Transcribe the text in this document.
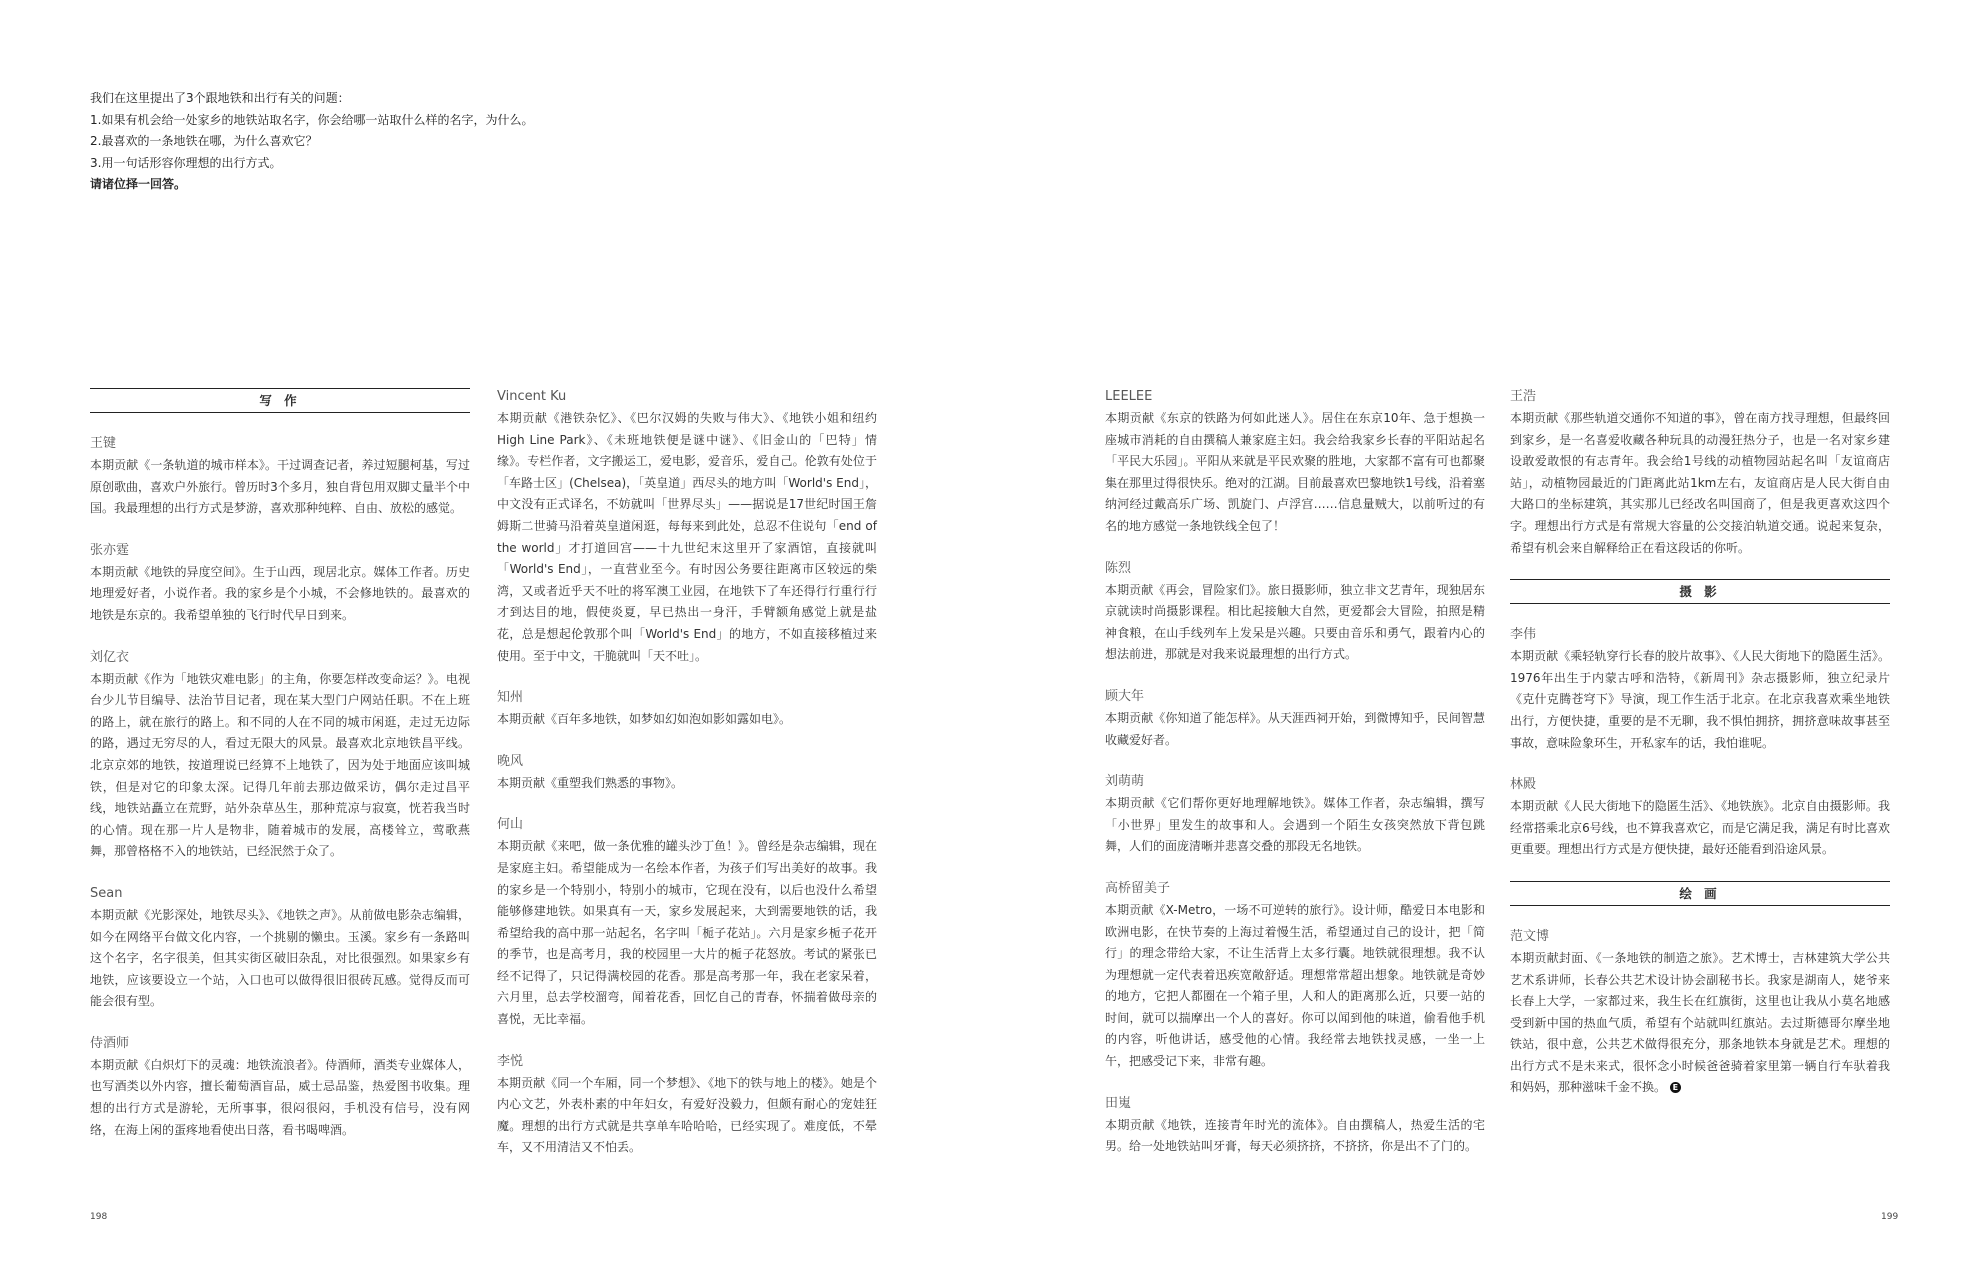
我们在这里提出了3个跟地铁和出行有关的问题：
1.如果有机会给一处家乡的地铁站取名字，你会给哪一站取什么样的名字，为什么。
2.最喜欢的一条地铁在哪，为什么喜欢它？
3.用一句话形容你理想的出行方式。
请诸位择一回答。
写 作
王键
本期贡献《一条轨道的城市样本》。干过调查记者，养过短腿柯基，写过原创歌曲，喜欢户外旅行。曾历时3个多月，独自背包用双脚丈量半个中国。我最理想的出行方式是梦游，喜欢那种纯粹、自由、放松的感觉。
张亦霆
本期贡献《地铁的异度空间》。生于山西，现居北京。媒体工作者。历史地理爱好者，小说作者。我的家乡是个小城，不会修地铁的。最喜欢的地铁是东京的。我希望单独的飞行时代早日到来。
刘亿衣
本期贡献《作为「地铁灾难电影」的主角，你要怎样改变命运？》。电视台少儿节目编导、法治节目记者，现在某大型门户网站任职。不在上班的路上，就在旅行的路上。和不同的人在不同的城市闲逛，走过无边际的路，遇过无穷尽的人，看过无限大的风景。最喜欢北京地铁昌平线。北京京郊的地铁，按道理说已经算不上地铁了，因为处于地面应该叫城铁，但是对它的印象太深。记得几年前去那边做采访，偶尔走过昌平线，地铁站矗立在荒野，站外杂草丛生，那种荒凉与寂寞，恍若我当时的心情。现在那一片人是物非，随着城市的发展，高楼耸立，莺歌燕舞，那曾格格不入的地铁站，已经泯然于众了。
Sean
本期贡献《光影深处，地铁尽头》、《地铁之声》。从前做电影杂志编辑，如今在网络平台做文化内容，一个挑剔的懒虫。玉溪。家乡有一条路叫这个名字，名字很美，但其实街区破旧杂乱，对比很强烈。如果家乡有地铁，应该要设立一个站，入口也可以做得很旧很砖瓦感。觉得反而可能会很有型。
侍酒师
本期贡献《白炽灯下的灵魂：地铁流浪者》。侍酒师，酒类专业媒体人，也写酒类以外内容，擅长葡萄酒盲品，威士忌品鉴，热爱图书收集。理想的出行方式是游轮，无所事事，很闷很闷，手机没有信号，没有网络，在海上闲的蛋疼地看使出日落，看书喝啤酒。
Vincent Ku
本期贡献《港铁杂忆》、《巴尔汉姆的失败与伟大》、《地铁小姐和纽约High Line Park》、《未班地铁便是谜中谜》、《旧金山的「巴特」情缘》。专栏作者，文字搬运工，爱电影，爱音乐，爱自己。伦敦有处位于「车路士区」(Chelsea)，「英皇道」西尽头的地方叫「World's End」，中文没有正式译名，不妨就叫「世界尽头」——据说是17世纪时国王詹姆斯二世骑马沿着英皇道闲逛，每每来到此处，总忍不住说句「end of the world」才打道回宫——十九世纪末这里开了家酒馆，直接就叫「World's End」，一直营业至今。有时因公务要往距离市区较远的柴湾，又或者近乎天不吐的将军澳工业园，在地铁下了车还得行行重行行才到达目的地，假使炎夏，早已热出一身汗，手臂额角感觉上就是盐花，总是想起伦敦那个叫「World's End」的地方，不如直接移植过来使用。至于中文，干脆就叫「天不吐」。
知州
本期贡献《百年多地铁，如梦如幻如泡如影如露如电》。
晚风
本期贡献《重塑我们熟悉的事物》。
何山
本期贡献《来吧，做一条优雅的罐头沙丁鱼！》。曾经是杂志编辑，现在是家庭主妇。希望能成为一名绘本作者，为孩子们写出美好的故事。我的家乡是一个特别小，特别小的城市，它现在没有，以后也没什么希望能够修建地铁。如果真有一天，家乡发展起来，大到需要地铁的话，我希望给我的高中那一站起名，名字叫「栀子花站」。六月是家乡栀子花开的季节，也是高考月，我的校园里一大片的栀子花怒放。考试的紧张已经不记得了，只记得满校园的花香。那是高考那一年，我在老家呆着，六月里，总去学校溜弯，闻着花香，回忆自己的青春，怀揣着做母亲的喜悦，无比幸福。
李悦
本期贡献《同一个车厢，同一个梦想》、《地下的铁与地上的楼》。她是个内心文艺，外表朴素的中年妇女，有爱好没毅力，但颇有耐心的宠娃狂魔。理想的出行方式就是共享单车哈哈哈，已经实现了。难度低，不晕车，又不用清洁又不怕丢。
198
LEELEE
本期贡献《东京的铁路为何如此迷人》。居住在东京10年、急于想换一座城市消耗的自由撰稿人兼家庭主妇。我会给我家乡长春的平阳站起名「平民大乐园」。平阳从来就是平民欢聚的胜地，大家都不富有可也都聚集在那里过得很快乐。绝对的江湖。目前最喜欢巴黎地铁1号线，沿着塞纳河经过戴高乐广场、凯旋门、卢浮宫……信息量贼大，以前听过的有名的地方感觉一条地铁线全包了！
陈烈
本期贡献《再会，冒险家们》。旅日摄影师，独立非文艺青年，现独居东京就读时尚摄影课程。相比起接触大自然，更爱都会大冒险，拍照是精神食粮，在山手线列车上发呆是兴趣。只要由音乐和勇气，跟着内心的想法前进，那就是对我来说最理想的出行方式。
顾大年
本期贡献《你知道了能怎样》。从天涯西祠开始，到微博知乎，民间智慧收藏爱好者。
刘萌萌
本期贡献《它们帮你更好地理解地铁》。媒体工作者，杂志编辑，撰写「小世界」里发生的故事和人。会遇到一个陌生女孩突然放下背包跳舞，人们的面庞清晰并悲喜交叠的那段无名地铁。
高桥留美子
本期贡献《X-Metro，一场不可逆转的旅行》。设计师，酷爱日本电影和欧洲电影，在快节奏的上海过着慢生活，希望通过自己的设计，把「简行」的理念带给大家，不让生活背上太多行囊。地铁就很理想。我不认为理想就一定代表着迅疾宽敞舒适。理想常常超出想象。地铁就是奇妙的地方，它把人都圈在一个箱子里，人和人的距离那么近，只要一站的时间，就可以揣摩出一个人的喜好。你可以闻到他的味道，偷看他手机的内容，听他讲话，感受他的心情。我经常去地铁找灵感，一坐一上午，把感受记下来，非常有趣。
田嵬
本期贡献《地铁，连接青年时光的流体》。自由撰稿人，热爱生活的宅男。给一处地铁站叫牙膏，每天必须挤挤，不挤挤，你是出不了门的。
王浩
本期贡献《那些轨道交通你不知道的事》，曾在南方找寻理想，但最终回到家乡，是一名喜爱收藏各种玩具的动漫狂热分子，也是一名对家乡建设敢爱敢恨的有志青年。我会给1号线的动植物园站起名叫「友谊商店站」，动植物园最近的门距离此站1km左右，友谊商店是人民大街自由大路口的坐标建筑，其实那儿已经改名叫国商了，但是我更喜欢这四个字。理想出行方式是有常规大容量的公交接泊轨道交通。说起来复杂，希望有机会来自解释给正在看这段话的你听。
摄 影
李伟
本期贡献《乘轻轨穿行长春的胶片故事》、《人民大街地下的隐匿生活》。1976年出生于内蒙古呼和浩特，《新周刊》杂志摄影师，独立纪录片《克什克腾苍穹下》导演，现工作生活于北京。在北京我喜欢乘坐地铁出行，方便快捷，重要的是不无聊，我不惧怕拥挤，拥挤意味故事甚至事故，意味险象环生，开私家车的话，我怕谁呢。
林殿
本期贡献《人民大街地下的隐匿生活》、《地铁族》。北京自由摄影师。我经常搭乘北京6号线，也不算我喜欢它，而是它满足我，满足有时比喜欢更重要。理想出行方式是方便快捷，最好还能看到沿途风景。
绘 画
范文博
本期贡献封面、《一条地铁的制造之旅》。艺术博士，吉林建筑大学公共艺术系讲师，长春公共艺术设计协会副秘书长。我家是湖南人，姥爷来长春上大学，一家都过来，我生长在红旗街，这里也让我从小莫名地感受到新中国的热血气质，希望有个站就叫红旗站。去过斯德哥尔摩坐地铁站，很中意，公共艺术做得很充分，那条地铁本身就是艺术。理想的出行方式不是未来式，很怀念小时候爸爸骑着家里第一辆自行车驮着我和妈妈，那种滋味千金不换。 E
199
